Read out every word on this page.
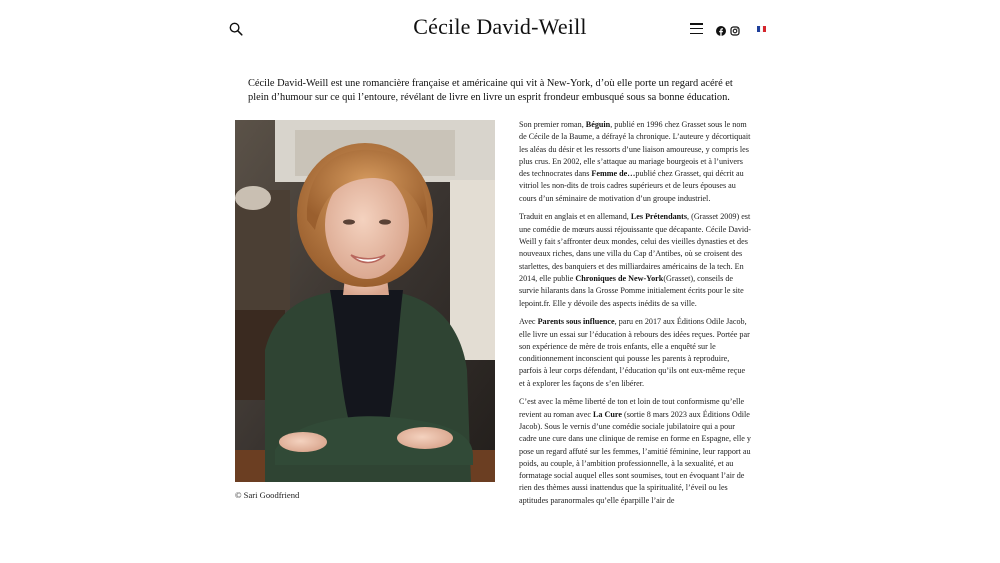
Cécile David-Weill

Cécile David-Weill est une romancière française et américaine qui vit à New-York, d’où elle porte un regard acéré et plein d’humour sur ce qui l’entoure, révélant de livre en livre un esprit frondeur embusqué sous sa bonne éducation.

© Sari Goodfriend

Son premier roman, Béguin, publié en 1996 chez Grasset sous le nom de Cécile de la Baume, a défrayé la chronique. L’auteure y décortiquait les aléas du désir et les ressorts d’une liaison amoureuse, y compris les plus crus. En 2002, elle s’attaque au mariage bourgeois et à l’univers des technocrates dans Femme de…publié chez Grasset, qui décrit au vitriol les non-dits de trois cadres supérieurs et de leurs épouses au cours d’un séminaire de motivation d’un groupe industriel.

Traduit en anglais et en allemand, Les Prétendants, (Grasset 2009) est une comédie de mœurs aussi réjouissante que décapante. Cécile David-Weill y fait s’affronter deux mondes, celui des vieilles dynasties et des nouveaux riches, dans une villa du Cap d’Antibes, où se croisent des starlettes, des banquiers et des milliardaires américains de la tech. En 2014, elle publie Chroniques de New-York(Grasset), conseils de survie hilarants dans la Grosse Pomme initialement écrits pour le site lepoint.fr. Elle y dévoile des aspects inédits de sa ville.

Avec Parents sous influence, paru en 2017 aux Éditions Odile Jacob, elle livre un essai sur l’éducation à rebours des idées reçues. Portée par son expérience de mère de trois enfants, elle a enquêté sur le conditionnement inconscient qui pousse les parents à reproduire, parfois à leur corps défendant, l’éducation qu’ils ont eux-même reçue et à explorer les façons de s’en libérer.

C’est avec la même liberté de ton et loin de tout conformisme qu’elle revient au roman avec La Cure (sortie 8 mars 2023 aux Éditions Odile Jacob). Sous le vernis d’une comédie sociale jubilatoire qui a pour cadre une cure dans une clinique de remise en forme en Espagne, elle y pose un regard affuté sur les femmes, l’amitié féminine, leur rapport au poids, au couple, à l’ambition professionnelle, à la sexualité, et au formatage social auquel elles sont soumises, tout en évoquant l’air de rien des thèmes aussi inattendus que la spiritualité, l’éveil ou les aptitudes paranormales qu’elle éparpille l’air de
